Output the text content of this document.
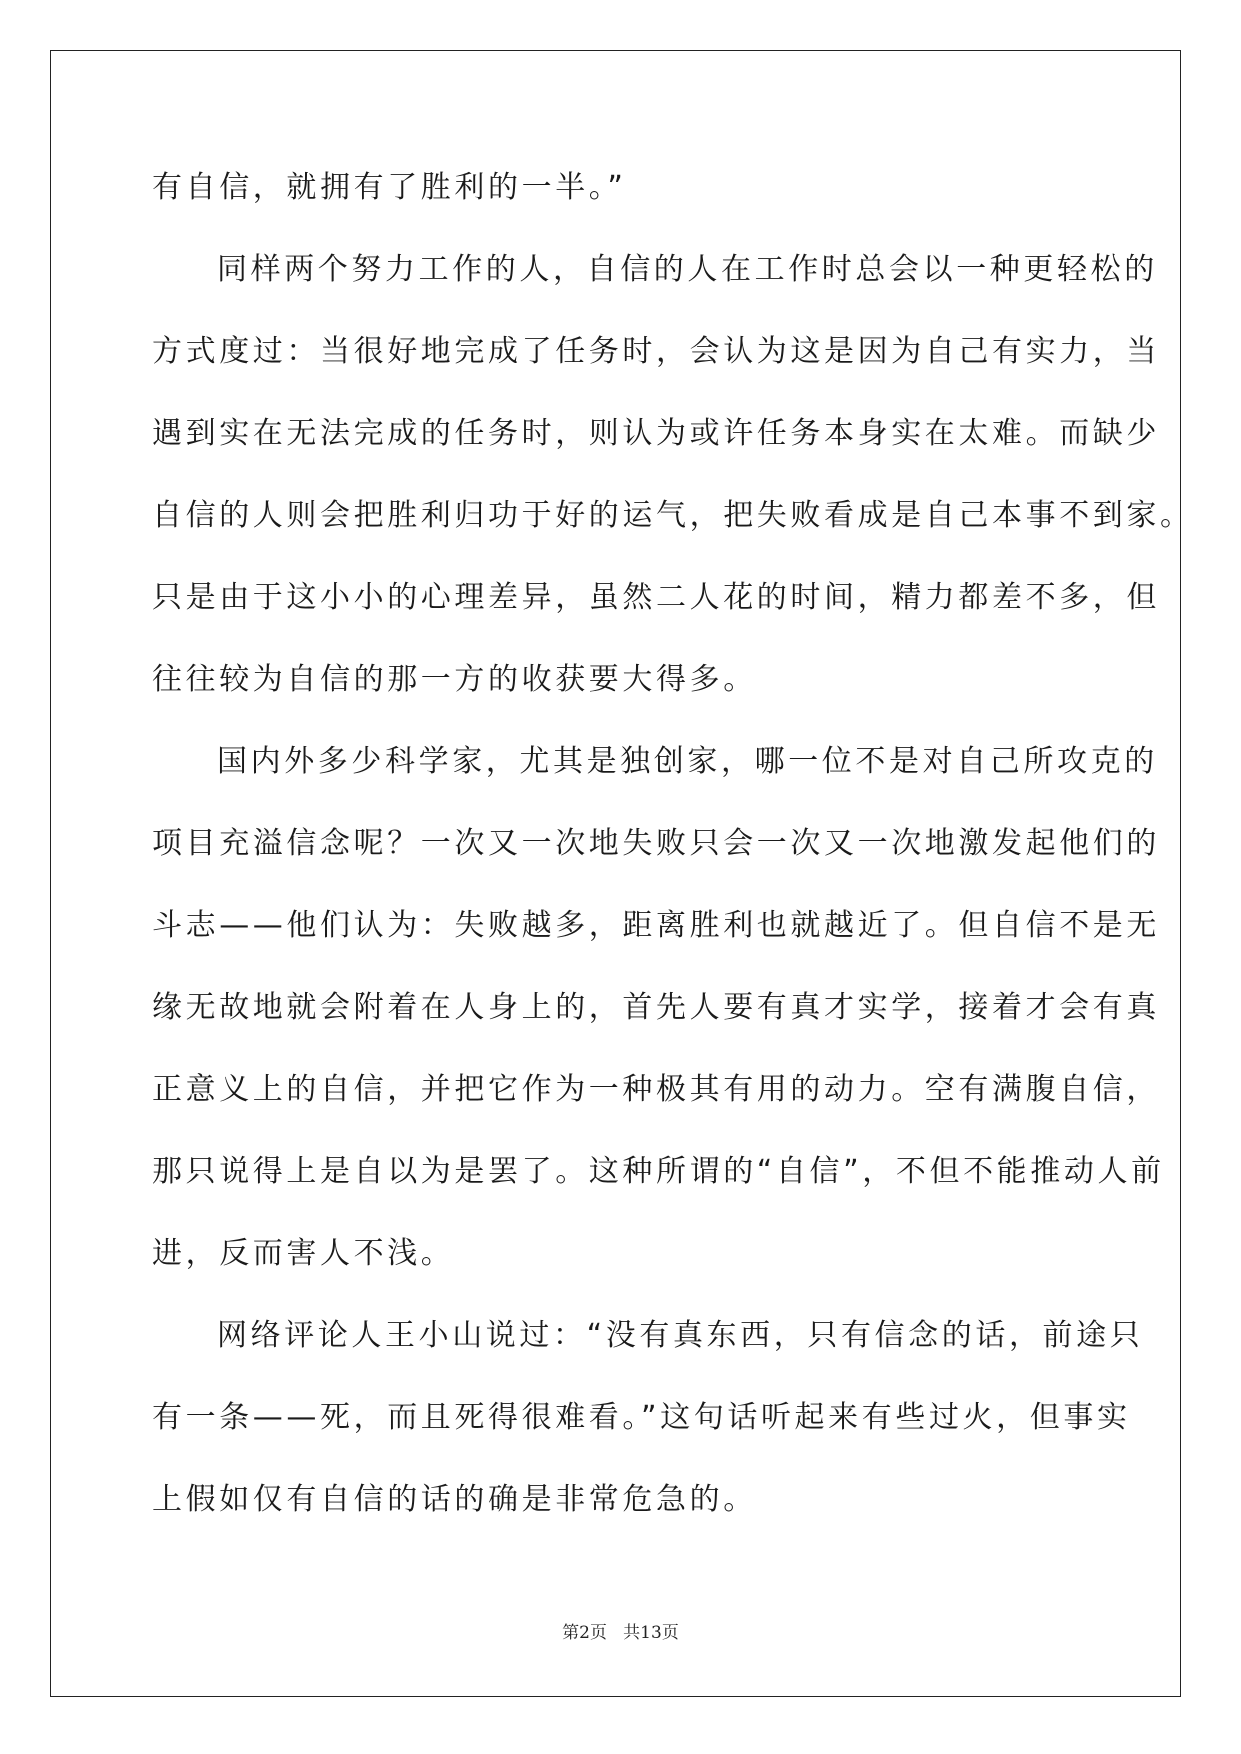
有自信，就拥有了胜利的一半。”
同样两个努力工作的人，自信的人在工作时总会以一种更轻松的
方式度过：当很好地完成了任务时，会认为这是因为自己有实力，当
遇到实在无法完成的任务时，则认为或许任务本身实在太难。而缺少
自信的人则会把胜利归功于好的运气，把失败看成是自己本事不到家。
只是由于这小小的心理差异，虽然二人花的时间，精力都差不多，但
往往较为自信的那一方的收获要大得多。
国内外多少科学家，尤其是独创家，哪一位不是对自己所攻克的
项目充溢信念呢？一次又一次地失败只会一次又一次地激发起他们的
斗志——他们认为：失败越多，距离胜利也就越近了。但自信不是无
缘无故地就会附着在人身上的，首先人要有真才实学，接着才会有真
正意义上的自信，并把它作为一种极其有用的动力。空有满腹自信，
那只说得上是自以为是罢了。这种所谓的“自信”，不但不能推动人前
进，反而害人不浅。
网络评论人王小山说过：“没有真东西，只有信念的话，前途只
有一条——死，而且死得很难看。”这句话听起来有些过火，但事实
上假如仅有自信的话的确是非常危急的。
第2页   共13页
